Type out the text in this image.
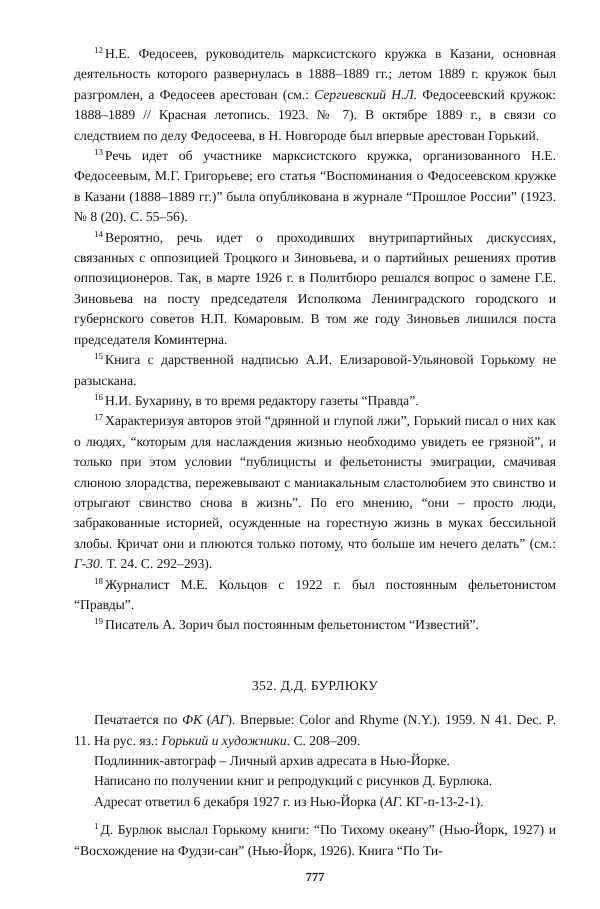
$^{12}$ Н.Е. Федосеев, руководитель марксистского кружка в Казани, основная деятельность которого развернулась в 1888–1889 гг.; летом 1889 г. кружок был разгромлен, а Федосеев арестован (см.: Сергиевский Н.Л. Федосеевский кружок: 1888–1889 // Красная летопись. 1923. № 7). В октябре 1889 г., в связи со следствием по делу Федосеева, в Н. Новгороде был впервые арестован Горький.

$^{13}$ Речь идет об участнике марксистского кружка, организованного Н.Е. Федосеевым, М.Г. Григорьеве; его статья “Воспоминания о Федосеевском кружке в Казани (1888–1889 гг.)” была опубликована в журнале “Прошлое России” (1923. № 8 (20). С. 55–56).

$^{14}$ Вероятно, речь идет о проходивших внутрипартийных дискуссиях, связанных с оппозицией Троцкого и Зиновьева, и о партийных решениях против оппозиционеров. Так, в марте 1926 г. в Политбюро решался вопрос о замене Г.Е. Зиновьева на посту председателя Исполкома Ленинградского городского и губернского советов Н.П. Комаровым. В том же году Зиновьев лишился поста председателя Коминтерна.

$^{15}$ Книга с дарственной надписью А.И. Елизаровой-Ульяновой Горькому не разыскана.

$^{16}$ Н.И. Бухарину, в то время редактору газеты “Правда”.

$^{17}$ Характеризуя авторов этой “дрянной и глупой лжи”, Горький писал о них как о людях, “которым для наслаждения жизнью необходимо увидеть ее грязной”, и только при этом условии “публицисты и фельетонисты эмиграции, смачивая слюною злорадства, пережевывают с маниакальным сластолюбием это свинство и отрыгают свинство снова в жизнь”. По его мнению, “они – просто люди, забракованные историей, осужденные на горестную жизнь в муках бессильной злобы. Кричат они и плюются только потому, что больше им нечего делать” (см.: Г-30. Т. 24. С. 292–293).

$^{18}$ Журналист М.Е. Кольцов с 1922 г. был постоянным фельетонистом “Правды”.

$^{19}$ Писатель А. Зорич был постоянным фельетонистом “Известий”.

352. Д.Д. БУРЛЮКУ

Печатается по ФК (АГ). Впервые: Color and Rhyme (N.Y.). 1959. N 41. Dec. P. 11. На рус. яз.: Горький и художники. С. 208–209.

Подлинник-автограф – Личный архив адресата в Нью-Йорке.

Написано по получении книг и репродукций с рисунков Д. Бурлюка.

Адресат ответил 6 декабря 1927 г. из Нью-Йорка (АГ. КГ-п-13-2-1).

$^1$ Д. Бурлюк выслал Горькому книги: “По Тихому океану” (Нью-Йорк, 1927) и “Восхождение на Фудзи-сан” (Нью-Йорк, 1926). Книга “По Ти-

777
